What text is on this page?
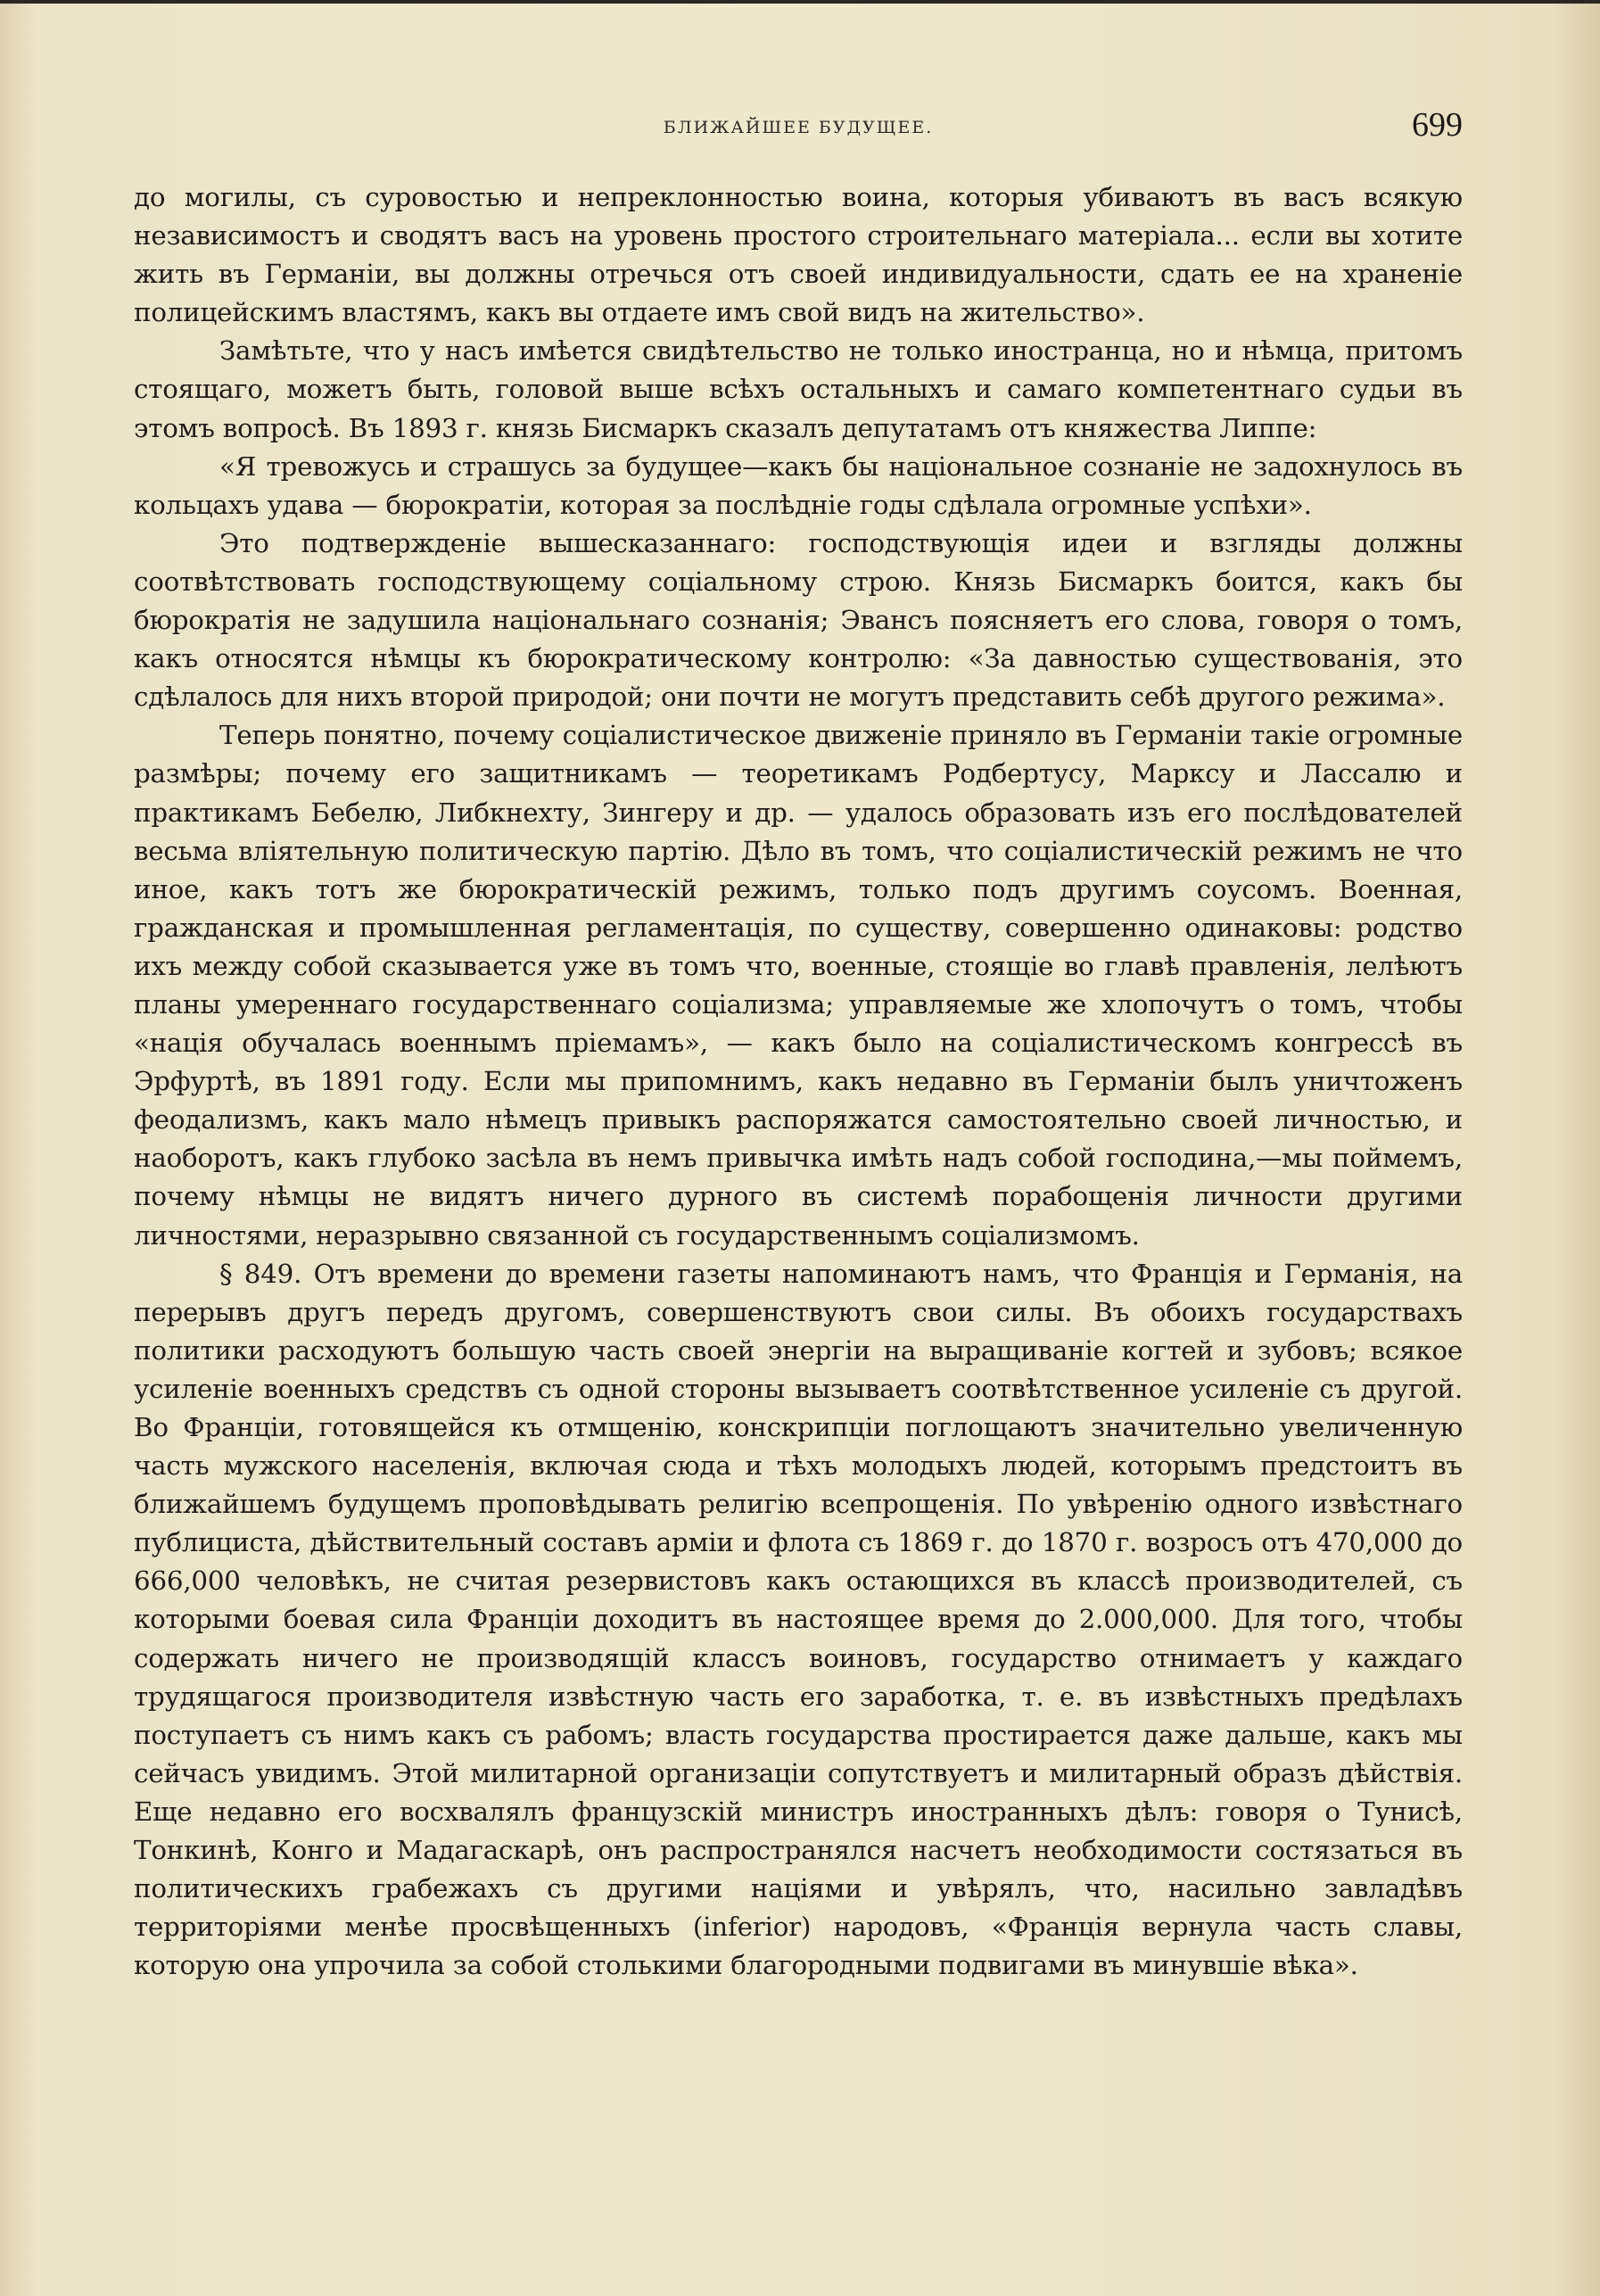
БЛИЖАЙШЕЕ БУДУЩЕЕ.	699

до могилы, съ суровостью и непреклонностью воина, которыя убиваютъ въ васъ всякую независимостъ и сводятъ васъ на уровень простого строительнаго матеріала... если вы хотите жить въ Германіи, вы должны отречься отъ своей индивидуальности, сдать ее на храненіе полицейскимъ властямъ, какъ вы отдаете имъ свой видъ на жительство».

Замѣтьте, что у насъ имѣется свидѣтельство не только иностранца, но и нѣмца, притомъ стоящаго, можетъ быть, головой выше всѣхъ остальныхъ и самаго компетентнаго судьи въ этомъ вопросѣ. Въ 1893 г. князь Бисмаркъ сказалъ депутатамъ отъ княжества Липпе:

«Я тревожусь и страшусь за будущее—какъ бы національное сознаніе не задохнулось въ кольцахъ удава — бюрократіи, которая за послѣдніе годы сдѣлала огромные успѣхи».

Это подтвержденіе вышесказаннаго: господствующія идеи и взгляды должны соотвѣтствовать господствующему соціальному строю. Князь Бисмаркъ боится, какъ бы бюрократія не задушила національнаго сознанія; Эвансъ поясняетъ его слова, говоря о томъ, какъ относятся нѣмцы къ бюрократическому контролю: «За давностью существованія, это сдѣлалось для нихъ второй природой; они почти не могутъ представить себѣ другого режима».

Теперь понятно, почему соціалистическое движеніе приняло въ Германіи такіе огромные размѣры; почему его защитникамъ — теоретикамъ Родбертусу, Марксу и Лассалю и практикамъ Бебелю, Либкнехту, Зингеру и др. — удалось образовать изъ его послѣдователей весьма вліятельную политическую партію. Дѣло въ томъ, что соціалистическій режимъ не что иное, какъ тотъ же бюрократическій режимъ, только подъ другимъ соусомъ. Военная, гражданская и промышленная регламентація, по существу, совершенно одинаковы: родство ихъ между собой сказывается уже въ томъ что, военные, стоящіе во главѣ правленія, лелѣютъ планы умереннаго государственнаго соціализма; управляемые же хлопочутъ о томъ, чтобы «нація обучалась военнымъ пріемамъ», — какъ было на соціалистическомъ конгрессѣ въ Эрфуртѣ, въ 1891 году. Если мы припомнимъ, какъ недавно въ Германіи былъ уничтоженъ феодализмъ, какъ мало нѣмецъ привыкъ распоряжатся самостоятельно своей личностью, и наоборотъ, какъ глубоко засѣла въ немъ привычка имѣть надъ собой господина,—мы поймемъ, почему нѣмцы не видятъ ничего дурного въ системѣ порабощенія личности другими личностями, неразрывно связанной съ государственнымъ соціализмомъ.

§ 849. Отъ времени до времени газеты напоминаютъ намъ, что Франція и Германія, на перерывъ другъ передъ другомъ, совершенствуютъ свои силы. Въ обоихъ государствахъ политики расходуютъ большую часть своей энергіи на выращиваніе когтей и зубовъ; всякое усиленіе военныхъ средствъ съ одной стороны вызываетъ соотвѣтственное усиленіе съ другой. Во Франціи, готовящейся къ отмщенію, конскрипціи поглощаютъ значительно увеличенную часть мужского населенія, включая сюда и тѣхъ молодыхъ людей, которымъ предстоитъ въ ближайшемъ будущемъ проповѣдывать религію всепрощенія. По увѣренію одного извѣстнаго публициста, дѣйствительный составъ арміи и флота съ 1869 г. до 1870 г. возросъ отъ 470,000 до 666,000 человѣкъ, не считая резервистовъ какъ остающихся въ классѣ производителей, съ которыми боевая сила Франціи доходитъ въ настоящее время до 2.000,000. Для того, чтобы содержать ничего не производящій классъ воиновъ, государство отнимаетъ у каждаго трудящагося производителя извѣстную часть его заработка, т. е. въ извѣстныхъ предѣлахъ поступаетъ съ нимъ какъ съ рабомъ; власть государства простирается даже дальше, какъ мы сейчасъ увидимъ. Этой милитарной организаціи сопутствуетъ и милитарный образъ дѣйствія. Еще недавно его восхвалялъ французскій министръ иностранныхъ дѣлъ: говоря о Тунисѣ, Тонкинѣ, Конго и Мадагаскарѣ, онъ распространялся насчетъ необходимости состязаться въ политическихъ грабежахъ съ другими націями и увѣрялъ, что, насильно завладѣвъ территоріями менѣе просвѣщенныхъ (inferior) народовъ, «Франція вернула часть славы, которую она упрочила за собой столькими благородными подвигами въ минувшіе вѣка».
